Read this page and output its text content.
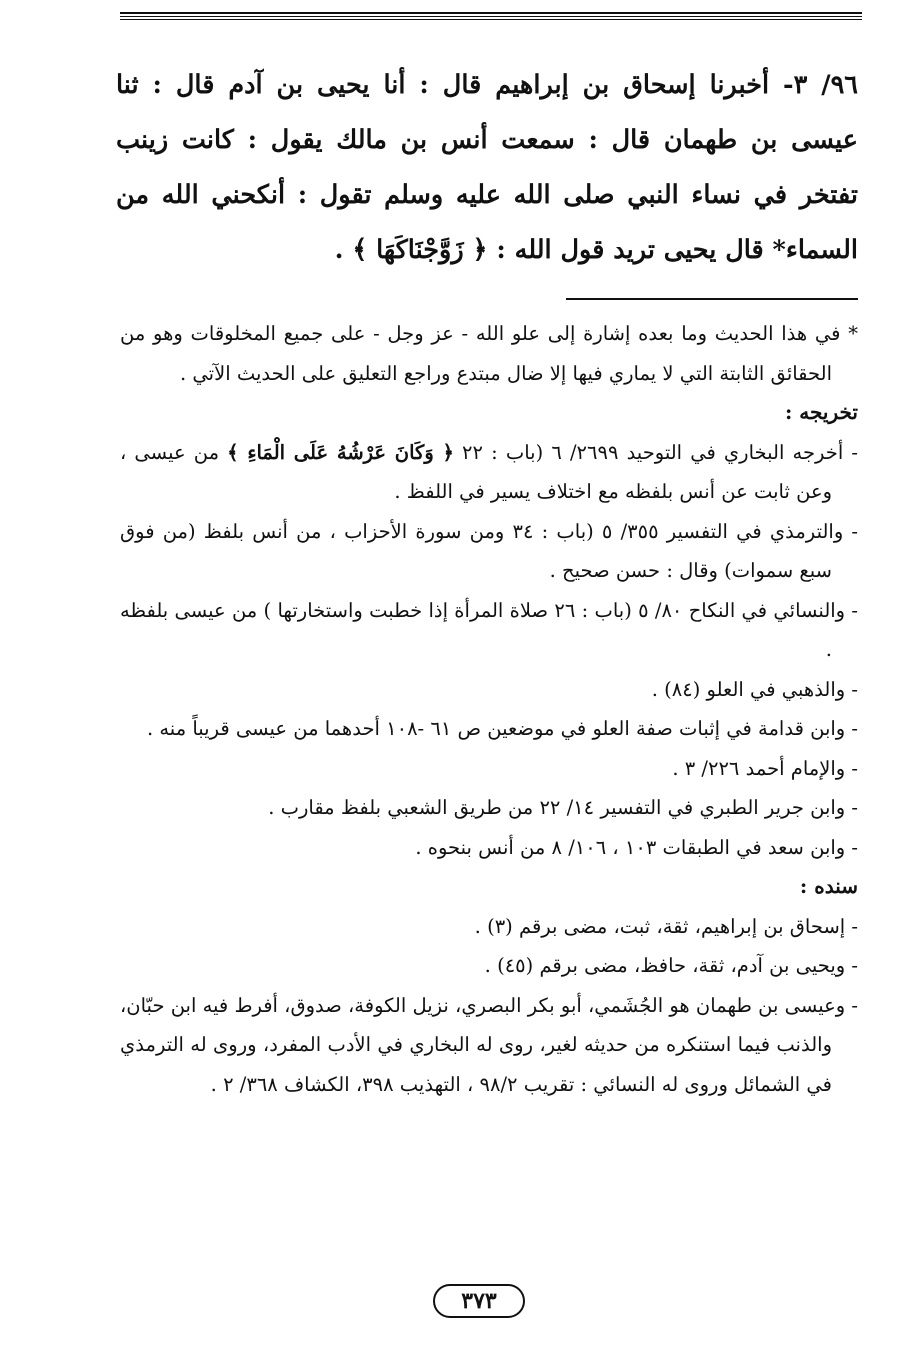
٩٦/ ٣- أخبرنا إسحاق بن إبراهيم قال : أنا يحيى بن آدم قال : ثنا عيسى بن طهمان قال : سمعت أنس بن مالك يقول : كانت زينب تفتخر في نساء النبي صلى الله عليه وسلم تقول : أنكحني الله من السماء* قال يحيى تريد قول الله : ﴿ زَوَّجْنَاكَهَا ﴾ .

* في هذا الحديث وما بعده إشارة إلى علو الله - عز وجل - على جميع المخلوقات وهو من الحقائق الثابتة التي لا يماري فيها إلا ضال مبتدع وراجع التعليق على الحديث الآتي .

تخريجه :

- أخرجه البخاري في التوحيد ٢٦٩٩/ ٦ (باب : ٢٢ ﴿ وَكَانَ عَرْشُهُ عَلَى الْمَاءِ ﴾ من عيسى ، وعن ثابت عن أنس بلفظه مع اختلاف يسير في اللفظ .

- والترمذي في التفسير ٣٥٥/ ٥ (باب : ٣٤ ومن سورة الأحزاب ، من أنس بلفظ (من فوق سبع سموات) وقال : حسن صحيح .

- والنسائي في النكاح ٨٠/ ٥ (باب : ٢٦ صلاة المرأة إذا خطبت واستخارتها ) من عيسى بلفظه .

- والذهبي في العلو (٨٤) .

- وابن قدامة في إثبات صفة العلو في موضعين ص ٦١ -١٠٨ أحدهما من عيسى قريباً منه .

- والإمام أحمد ٢٢٦/ ٣ .

- وابن جرير الطبري في التفسير ١٤/ ٢٢ من طريق الشعبي بلفظ مقارب .

- وابن سعد في الطبقات ١٠٣ ، ١٠٦/ ٨ من أنس بنحوه .

سنده :

- إسحاق بن إبراهيم، ثقة، ثبت، مضى برقم (٣) .

- ويحيى بن آدم، ثقة، حافظ، مضى برقم (٤٥) .

- وعيسى بن طهمان هو الجُشَمي، أبو بكر البصري، نزيل الكوفة، صدوق، أفرط فيه ابن حبّان، والذنب فيما استنكره من حديثه لغير، روى له البخاري في الأدب المفرد، وروى له الترمذي في الشمائل وروى له النسائي : تقريب ٩٨/٢ ، التهذيب ٣٩٨، الكشاف ٣٦٨/ ٢ .

٣٧٣
